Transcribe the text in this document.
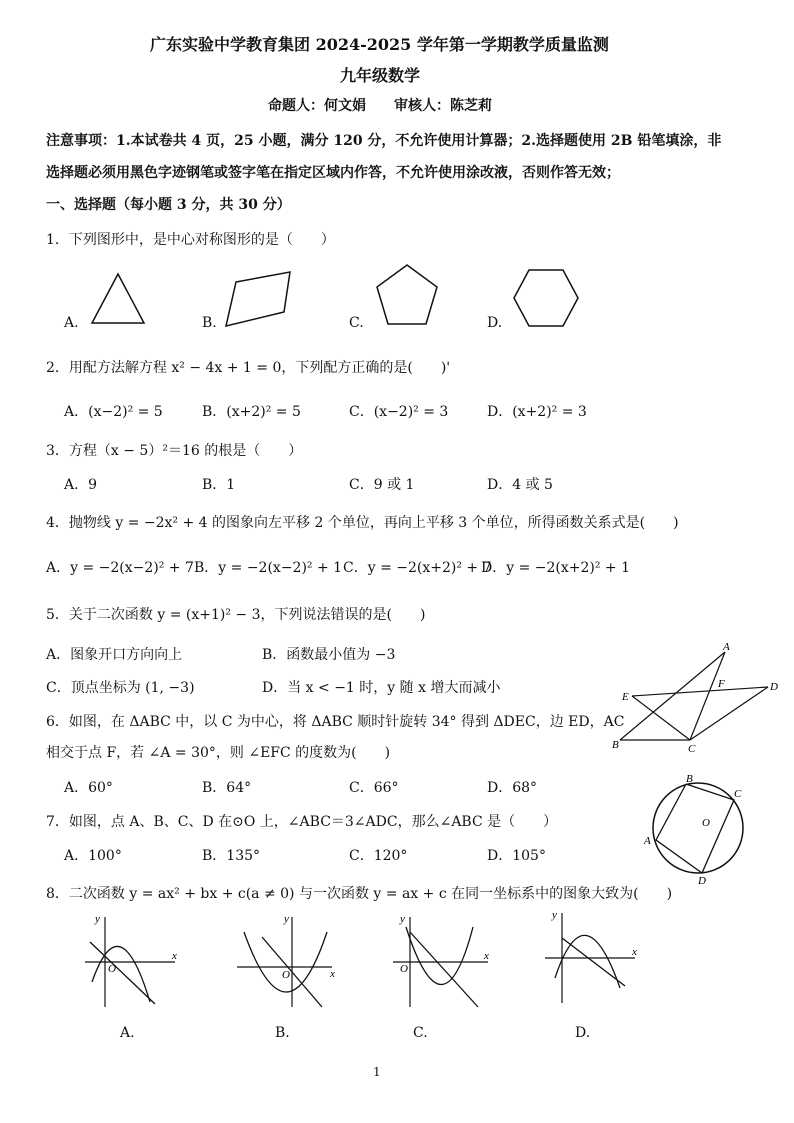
广东实验中学教育集团 2024-2025 学年第一学期教学质量监测
九年级数学
命题人：何文娟　　审核人：陈芝莉
注意事项：1.本试卷共 4 页，25 小题，满分 120 分，不允许使用计算器；2.选择题使用 2B 铅笔填涂，非
选择题必须用黑色字迹钢笔或签字笔在指定区域内作答，不允许使用涂改液，否则作答无效；
一、选择题（每小题 3 分，共 30 分）
1．下列图形中，是中心对称图形的是（　　）
A.	B.	C.	D.
2．用配方法解方程 x² − 4x + 1 = 0，下列配方正确的是(　　)'
A．(x−2)² = 5	B．(x+2)² = 5	C．(x−2)² = 3	D．(x+2)² = 3
3．方程（x − 5）²＝16 的根是（　　）
A．9	B．1	C．9 或 1	D．4 或 5
4．抛物线 y = −2x² + 4 的图象向左平移 2 个单位，再向上平移 3 个单位，所得函数关系式是(　　)
A．y = −2(x−2)² + 7 B．y = −2(x−2)² + 1 C．y = −2(x+2)² + 7
D．y = −2(x+2)² + 1
5．关于二次函数 y = (x+1)² − 3，下列说法错误的是(　　)
A．图象开口方向向上	B．函数最小值为 −3
C．顶点坐标为 (1, −3)	D．当 x < −1 时，y 随 x 增大而减小
6．如图，在 ΔABC 中，以 C 为中心，将 ΔABC 顺时针旋转 34° 得到 ΔDEC，边 ED，AC
相交于点 F，若 ∠A = 30°，则 ∠EFC 的度数为(　　)
A．60°	B．64°	C．66°	D．68°
A
B	C
D
E
F
7．如图，点 A、B、C、D 在⊙O 上，∠ABC＝3∠ADC，那么∠ABC 是（　　）
A．100°	B．135°	C．120°	D．105°
B
C
D
A
O
8．二次函数 y = ax² + bx + c(a ≠ 0) 与一次函数 y = ax + c 在同一坐标系中的图象大致为(　　)
x
y
O	x
y
O
x
y
O
x
y
A.	B.	C.	D.
1
